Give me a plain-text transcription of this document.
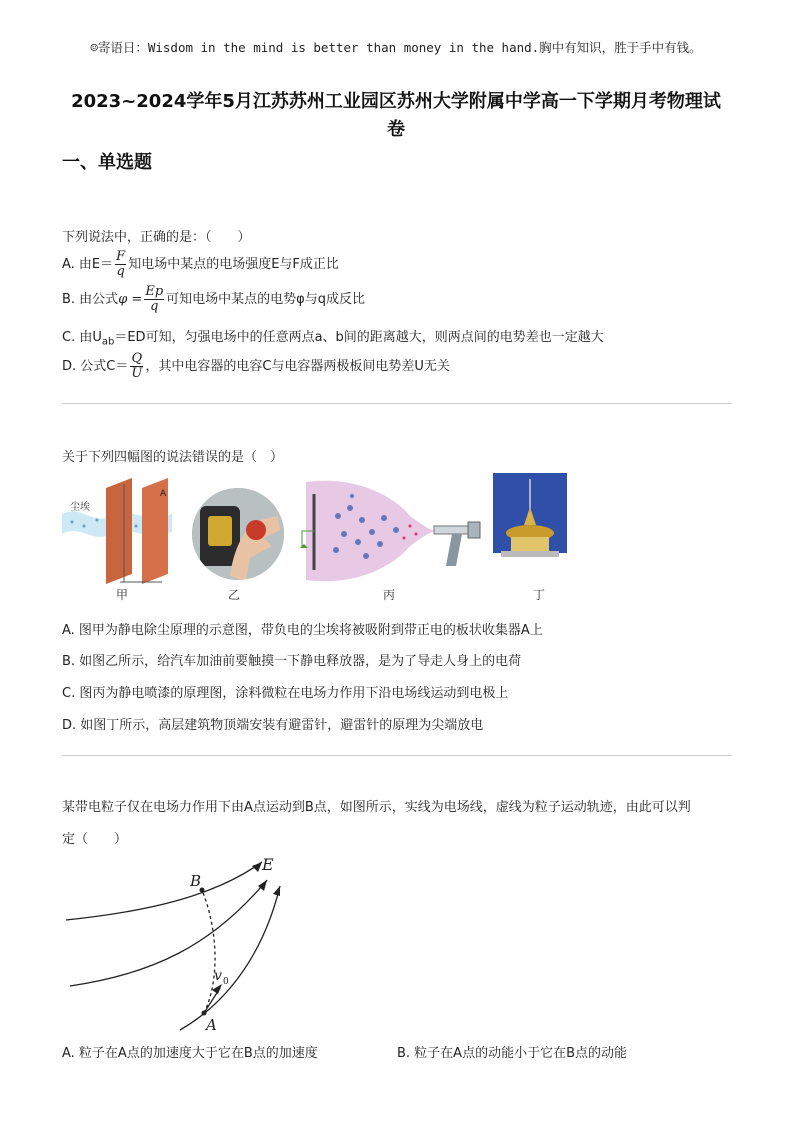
☺寄语日：Wisdom in the mind is better than money in the hand.胸中有知识，胜于手中有钱。
2023~2024学年5月江苏苏州工业园区苏州大学附属中学高一下学期月考物理试
卷
一、单选题
下列说法中，正确的是：（　　）
A. 由$E= \frac{F}{q}$ 知电场中某点的电场强度E与F成正比
B. 由公式$\varphi = \frac{Ep}{q}$ 可知电场中某点的电势φ与q成反比
C. 由$U_{ab}=ED$可知，匀强电场中的任意两点a、b间的距离越大，则两点间的电势差也一定越大
D. 公式$C= \frac{Q}{U}$ ，其中电容器的电容C与电容器两极板间电势差U无关
关于下列四幅图的说法错误的是（　）
尘埃
A
甲	乙	丙	丁
A. 图甲为静电除尘原理的示意图，带负电的尘埃将被吸附到带正电的板状收集器A上
B. 如图乙所示，给汽车加油前要触摸一下静电释放器，是为了导走人身上的电荷
C. 图丙为静电喷漆的原理图，涂料微粒在电场力作用下沿电场线运动到电极上
D. 如图丁所示，高层建筑物顶端安装有避雷针，避雷针的原理为尖端放电
某带电粒子仅在电场力作用下由A点运动到B点，如图所示，实线为电场线，虚线为粒子运动轨迹，由此可以判
定（　　）
B
E
A
v 0
A. 粒子在A点的加速度大于它在B点的加速度	B. 粒子在A点的动能小于它在B点的动能
